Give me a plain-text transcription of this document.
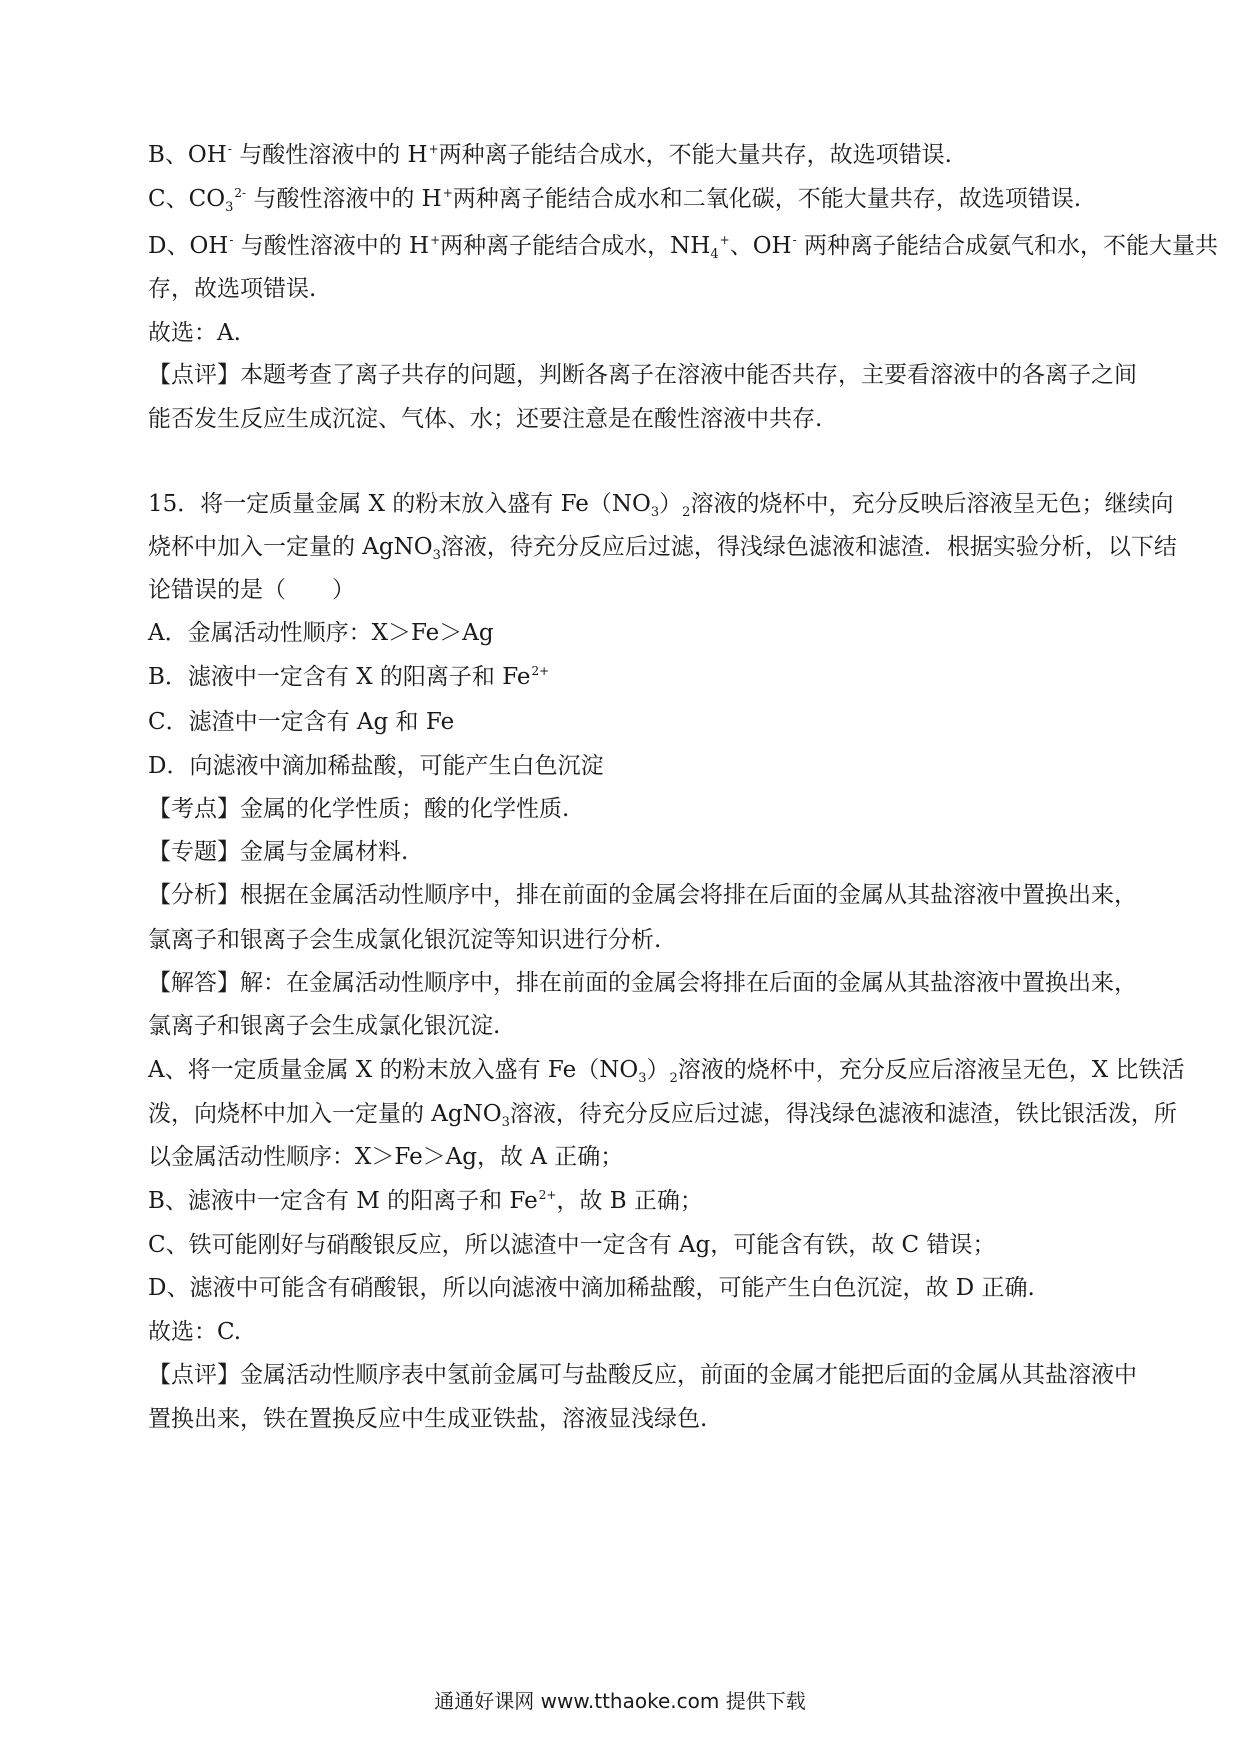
B、OH- 与酸性溶液中的 H+两种离子能结合成水，不能大量共存，故选项错误.
C、$CO_3^{2-}$ 与酸性溶液中的 H+两种离子能结合成水和二氧化碳，不能大量共存，故选项错误.
D、OH- 与酸性溶液中的 H+两种离子能结合成水，$NH_4^+$、OH- 两种离子能结合成氨气和水，不能大量共
存，故选项错误.
故选：A.
【点评】本题考查了离子共存的问题，判断各离子在溶液中能否共存，主要看溶液中的各离子之间
能否发生反应生成沉淀、气体、水；还要注意是在酸性溶液中共存.
15．将一定质量金属 X 的粉末放入盛有 $Fe(NO_3)_2$溶液的烧杯中，充分反映后溶液呈无色；继续向
烧杯中加入一定量的 AgNO$_3$溶液，待充分反应后过滤，得浅绿色滤液和滤渣．根据实验分析，以下结
论错误的是（　　）
A．金属活动性顺序：X＞Fe＞Ag
B．滤液中一定含有 X 的阳离子和 $Fe^{2+}$
C．滤渣中一定含有 Ag 和 Fe
D．向滤液中滴加稀盐酸，可能产生白色沉淀
【考点】金属的化学性质；酸的化学性质.
【专题】金属与金属材料.
【分析】根据在金属活动性顺序中，排在前面的金属会将排在后面的金属从其盐溶液中置换出来，
氯离子和银离子会生成氯化银沉淀等知识进行分析.
【解答】解：在金属活动性顺序中，排在前面的金属会将排在后面的金属从其盐溶液中置换出来，
氯离子和银离子会生成氯化银沉淀.
A、将一定质量金属 X 的粉末放入盛有 $Fe(NO_3)_2$溶液的烧杯中，充分反应后溶液呈无色，X 比铁活
泼，向烧杯中加入一定量的 AgNO$_3$溶液，待充分反应后过滤，得浅绿色滤液和滤渣，铁比银活泼，所
以金属活动性顺序：X＞Fe＞Ag，故 A 正确；
B、滤液中一定含有 M 的阳离子和 $Fe^{2+}$，故 B 正确；
C、铁可能刚好与硝酸银反应，所以滤渣中一定含有 Ag，可能含有铁，故 C 错误；
D、滤液中可能含有硝酸银，所以向滤液中滴加稀盐酸，可能产生白色沉淀，故 D 正确.
故选：C.
【点评】金属活动性顺序表中氢前金属可与盐酸反应，前面的金属才能把后面的金属从其盐溶液中
置换出来，铁在置换反应中生成亚铁盐，溶液显浅绿色.
通通好课网 www.tthaoke.com 提供下载
